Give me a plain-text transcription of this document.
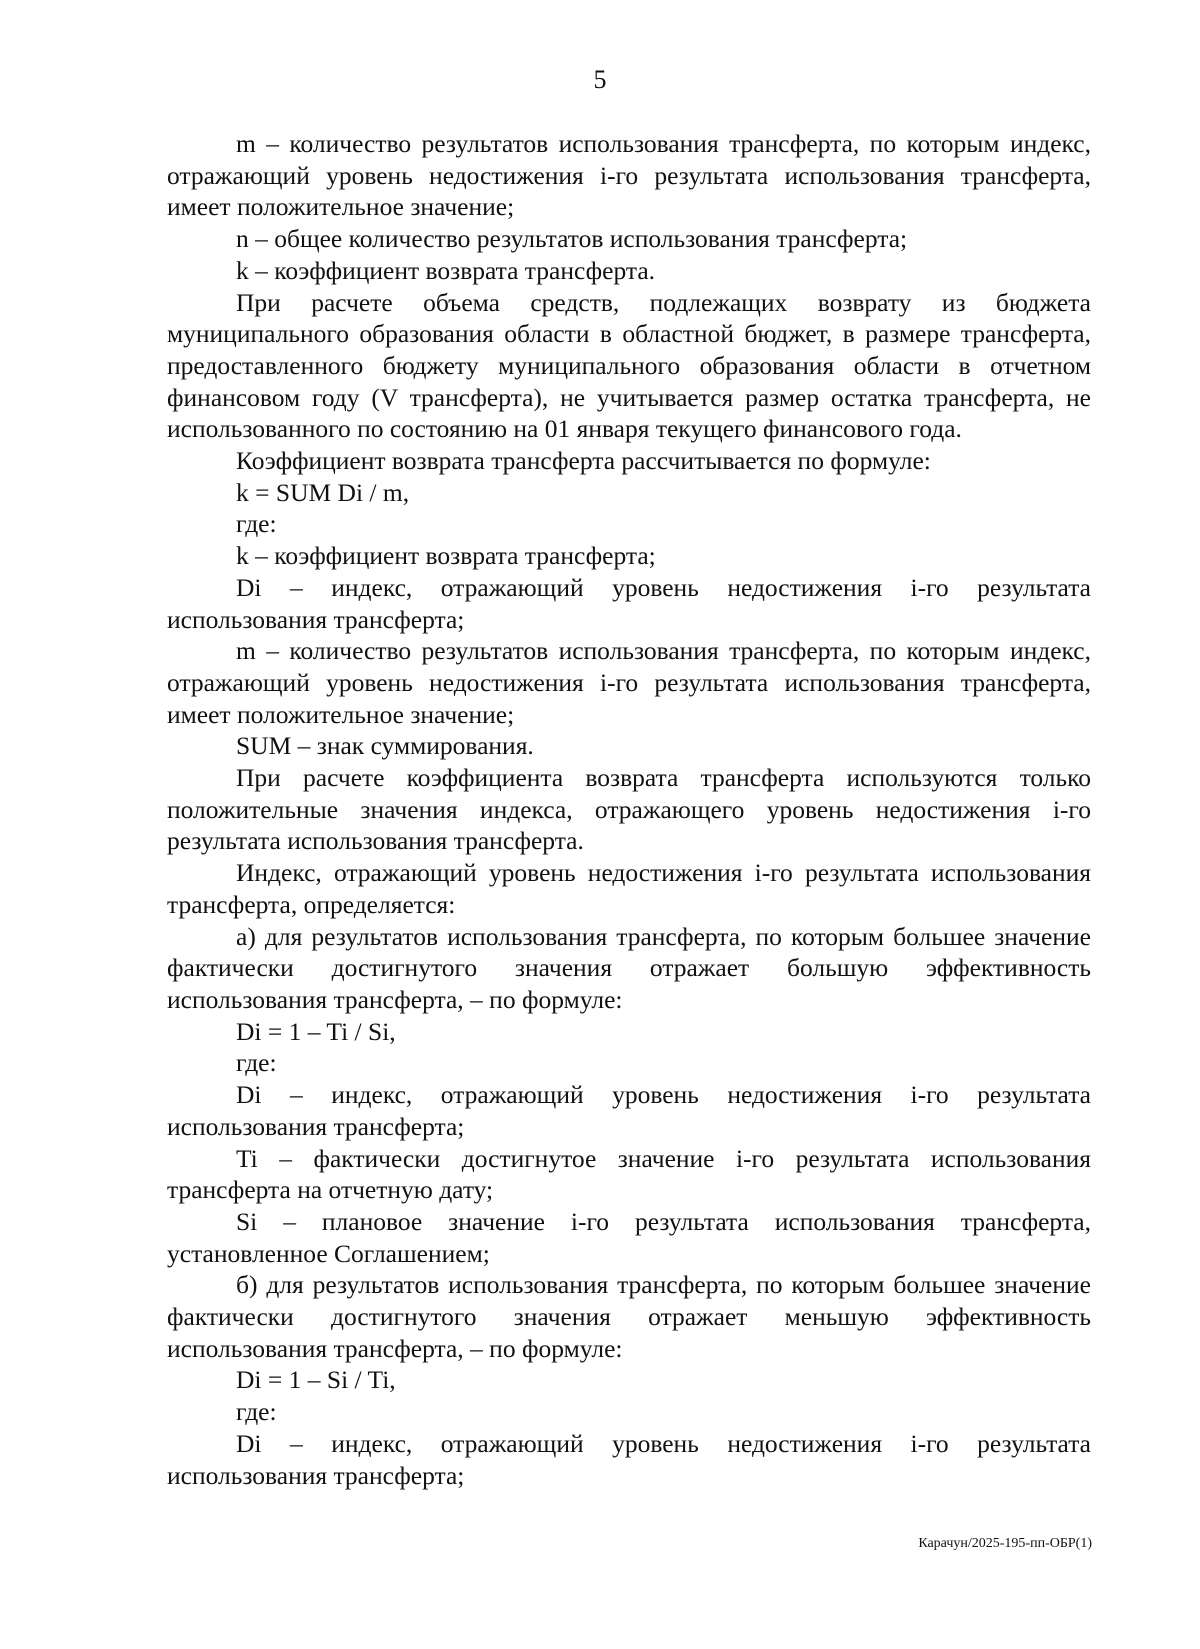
5

m – количество результатов использования трансферта, по которым индекс, отражающий уровень недостижения i-го результата использования трансферта, имеет положительное значение;

n – общее количество результатов использования трансферта;

k – коэффициент возврата трансферта.

При расчете объема средств, подлежащих возврату из бюджета муниципального образования области в областной бюджет, в размере трансферта, предоставленного бюджету муниципального образования области в отчетном финансовом году (V трансферта), не учитывается размер остатка трансферта, не использованного по состоянию на 01 января текущего финансового года.

Коэффициент возврата трансферта рассчитывается по формуле:

k = SUM Di / m,

где:

k – коэффициент возврата трансферта;

Di – индекс, отражающий уровень недостижения i-го результата использования трансферта;

m – количество результатов использования трансферта, по которым индекс, отражающий уровень недостижения i-го результата использования трансферта, имеет положительное значение;

SUM – знак суммирования.

При расчете коэффициента возврата трансферта используются только положительные значения индекса, отражающего уровень недостижения i-го результата использования трансферта.

Индекс, отражающий уровень недостижения i-го результата использования трансферта, определяется:

а) для результатов использования трансферта, по которым большее значение фактически достигнутого значения отражает большую эффективность использования трансферта, – по формуле:

Di = 1 – Ti / Si,

где:

Di – индекс, отражающий уровень недостижения i-го результата использования трансферта;

Ti – фактически достигнутое значение i-го результата использования трансферта на отчетную дату;

Si – плановое значение i-го результата использования трансферта, установленное Соглашением;

б) для результатов использования трансферта, по которым большее значение фактически достигнутого значения отражает меньшую эффективность использования трансферта, – по формуле:

Di = 1 – Si / Ti,

где:

Di – индекс, отражающий уровень недостижения i-го результата использования трансферта;

Карачун/2025-195-пп-ОБР(1)
